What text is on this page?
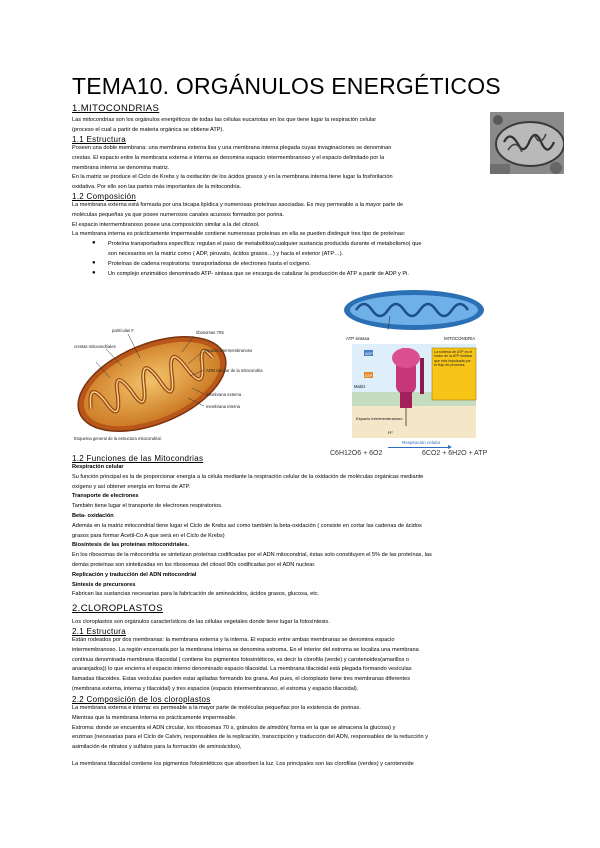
TEMA10. ORGÁNULOS ENERGÉTICOS
1.MITOCONDRIAS
Las mitocondrias son los orgánulos energéticos de todas las células eucariotas en los que tiene lugar la respiración celular
(proceso el cual a partir de materia orgánica se obtiene ATP).
1.1 Estructura
Poseen una doble membrana: una membrana externa lisa y una membrana interna plegada cuyas invaginaciones se denominan
crestas. El espacio entre la membrana externa e interna se denomina espacio intermembranoso y el espacio delimitado por la
membrana interna se denomina matriz.
En la matriz se produce el Ciclo de Krebs y la oxidación de los ácidos grasos y en la membrana interna tiene lugar la fosforilación
oxidativa. Por ello son las partes más importantes de la mitocondria.
1.2 Composición
La membrana externa está formada por una bicapa lipídica y numerosas proteínas asociadas. Es muy permeable a la mayor parte de
moléculas pequeñas ya que posee numerosos canales acuosos formados por porina.
El espacio intermembranoso posee una composición similar a la del citosol.
La membrana interna es prácticamente impermeable contiene numerosas proteínas en ella se pueden distinguir tres tipo de proteínas:
● Proteína transportadora específica: regulan el paso de metabolitos(cualquier sustancia producida durante el metabolismo) que
son necesarios en la matriz como ( ADP, piruvato, ácidos grasos…) y hacia el exterior (ATP…).
● Proteínas de cadena respiratoria: transportadoras de electrones hasta el oxígeno.
● Un complejo enzimático denominado ATP- sintasa que se encarga de catalizar la producción de ATP a partir de ADP y Pi.
partículas F
crestas mitocondriales
ribosomas 70S
espacio intermembranoso
ADN circular de la mitocondria
membrana externa
membrana interna
Esquema general de la estructura mitocondrial.
MITOCONDRIA
ATP sintasa
ADP
ATP
Matriz
Espacio intermembranoso
H⁺
La síntesis de ATP es el motor de la ATP sintasa que rota impulsada por el flujo de protones.
Respiración celular
C6H12O6 + 6O2	6CO2 + 6H2O + ATP
1.2 Funciones de las Mitocondrias
Respiración celular
Su función principal es la de proporcionar energía a la célula mediante la respiración celular de la oxidación de moléculas orgánicas mediante
oxígeno y así obtener energía en forma de ATP.
Transporte de electrones
También tiene lugar el transporte de electrones respiratorios.
Beta- oxidación
Además en la matriz mitocondrial tiene lugar el Ciclo de Krebs así como también la beta-oxidación ( consiste en cortar las cadenas de ácidos
grasos para formar Acetil-Co A que será en el Ciclo de Krebs)
Biosíntesis de las proteínas mitocondriales.
En los ribosomas de la mitocondria se sintetizan proteínas codificadas por el ADN mitocondrial, éstas solo constituyen el 5% de las proteínas, las
demás proteínas son sintetizadas en los ribosomas del citosol 80s codificadas por el ADN nuclear.
Replicación y traducción del ADN mitocondrial
Síntesis de precursores
Fabrican las sustancias necesarias para la fabricación de aminoácidos, ácidos grasos, glucosa, etc.
2.CLOROPLASTOS
Los cloroplastos son orgánulos característicos de las células vegetales donde tiene lugar la fotosíntesis.
2.1 Estructura
Están rodeados por dos membranas: la membrana externa y la interna. El espacio entre ambas membranas se denomina espacio
intermembranoso. La región encerrada por la membrana interna se denomina estroma. En el interior del estroma se localiza una membrana
continua denominada membrana tilacoidal ( contiene los pigmentos fotosintéticos, es decir la clorofila (verde) y carotenoides(amarillos o
anaranjados)) lo que encierra el espacio interno denominado espacio tilacoidal. La membrana tilacoidal está plegada formando vesículas
llamadas tilacoides. Estas vesículas pueden estar apiladas formando los grana. Así pues, el cloroplasto tiene tres membranas diferentes
(membrana externa, interna y tilacoidal) y tres espacios (espacio intermembranoso, el estroma y espacio tilacoidal).
2.2 Composición de los cloroplastos
La membrana externa e interna: es permeable a la mayor parte de moléculas pequeñas por la existencia de porinas.
Mientras que la membrana interna es prácticamente impermeable.
Estroma: donde se encuentra el ADN circular, los ribosomas 70 s, gránulos de almidón( forma en la que se almacena la glucosa) y
enzimas (necesarias para el Ciclo de Calvin, responsables de la replicación, transcripción y traducción del ADN, responsables de la reducción y
asimilación de nitratos y sulfatos para la formación de aminoácidos),
La membrana tilacoidal contiene los pigmentos fotosintéticos que absorben la luz. Los principales son las clorofilas (verdes) y carotenoide
